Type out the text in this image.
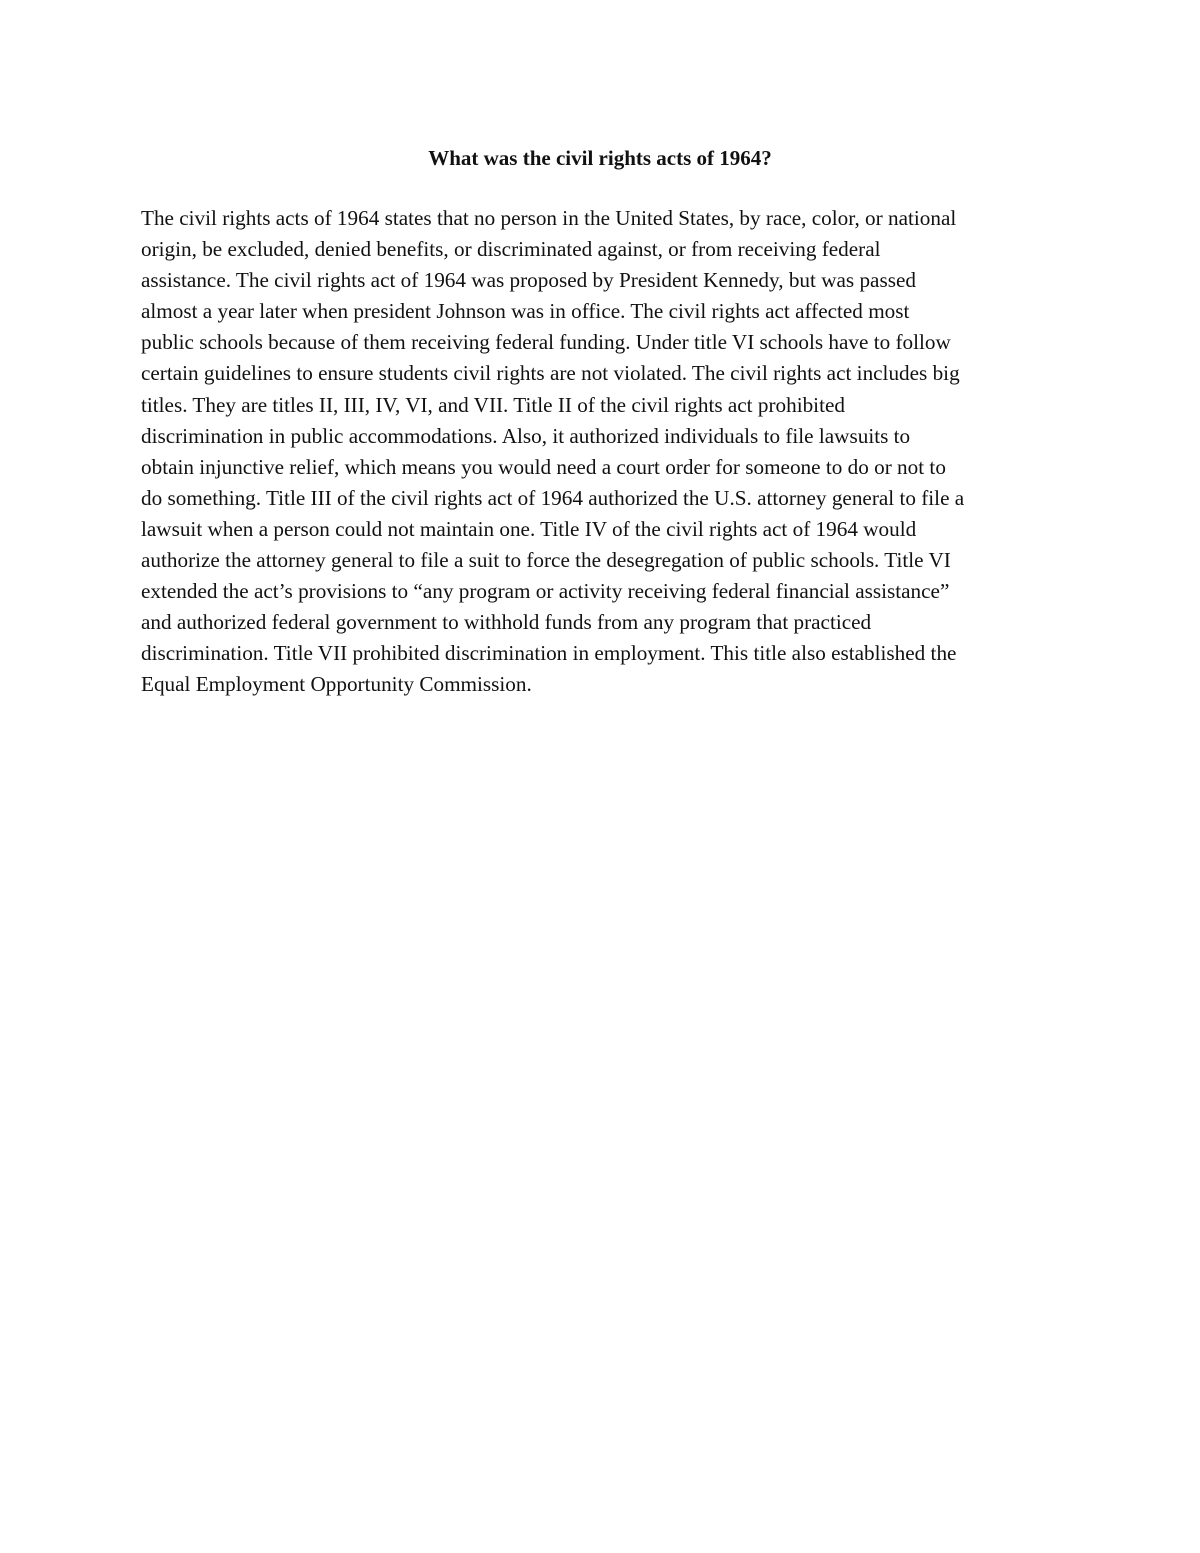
What was the civil rights acts of 1964?

The civil rights acts of 1964 states that no person in the United States, by race, color, or national
origin, be excluded, denied benefits, or discriminated against, or from receiving federal
assistance. The civil rights act of 1964 was proposed by President Kennedy, but was passed
almost a year later when president Johnson was in office. The civil rights act affected most
public schools because of them receiving federal funding. Under title VI schools have to follow
certain guidelines to ensure students civil rights are not violated. The civil rights act includes big
titles. They are titles II, III, IV, VI, and VII. Title II of the civil rights act prohibited
discrimination in public accommodations. Also, it authorized individuals to file lawsuits to
obtain injunctive relief, which means you would need a court order for someone to do or not to
do something. Title III of the civil rights act of 1964 authorized the U.S. attorney general to file a
lawsuit when a person could not maintain one. Title IV of the civil rights act of 1964 would
authorize the attorney general to file a suit to force the desegregation of public schools. Title VI
extended the act’s provisions to “any program or activity receiving federal financial assistance”
and authorized federal government to withhold funds from any program that practiced
discrimination. Title VII prohibited discrimination in employment. This title also established the
Equal Employment Opportunity Commission.
